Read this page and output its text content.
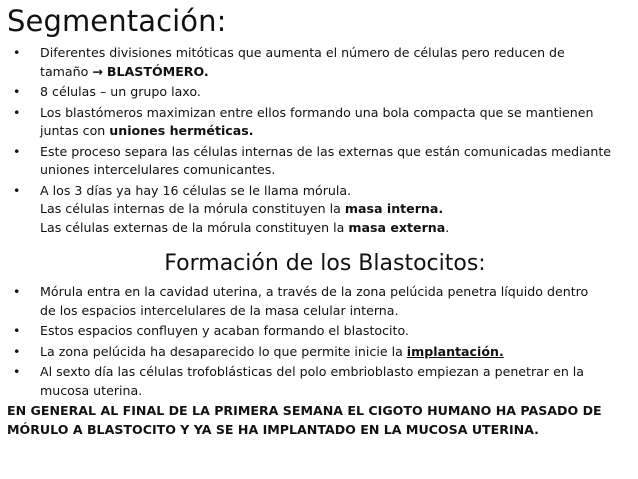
Segmentación:
• Diferentes divisiones mitóticas que aumenta el número de células pero reducen de
tamaño → BLASTÓMERO.
• 8 células – un grupo laxo.
• Los blastómeros maximizan entre ellos formando una bola compacta que se mantienen
juntas con uniones herméticas.
• Este proceso separa las células internas de las externas que están comunicadas mediante
uniones intercelulares comunicantes.
• A los 3 días ya hay 16 células se le llama mórula.
Las células internas de la mórula constituyen la masa interna.
Las células externas de la mórula constituyen la masa externa.
Formación de los Blastocitos:
• Mórula entra en la cavidad uterina, a través de la zona pelúcida penetra líquido dentro
de los espacios intercelulares de la masa celular interna.
• Estos espacios confluyen y acaban formando el blastocito.
• La zona pelúcida ha desaparecido lo que permite inicie la implantación.
• Al sexto día las células trofoblásticas del polo embrioblasto empiezan a penetrar en la
mucosa uterina.
EN GENERAL AL FINAL DE LA PRIMERA SEMANA EL CIGOTO HUMANO HA PASADO DE
MÓRULO A BLASTOCITO Y YA SE HA IMPLANTADO EN LA MUCOSA UTERINA.
